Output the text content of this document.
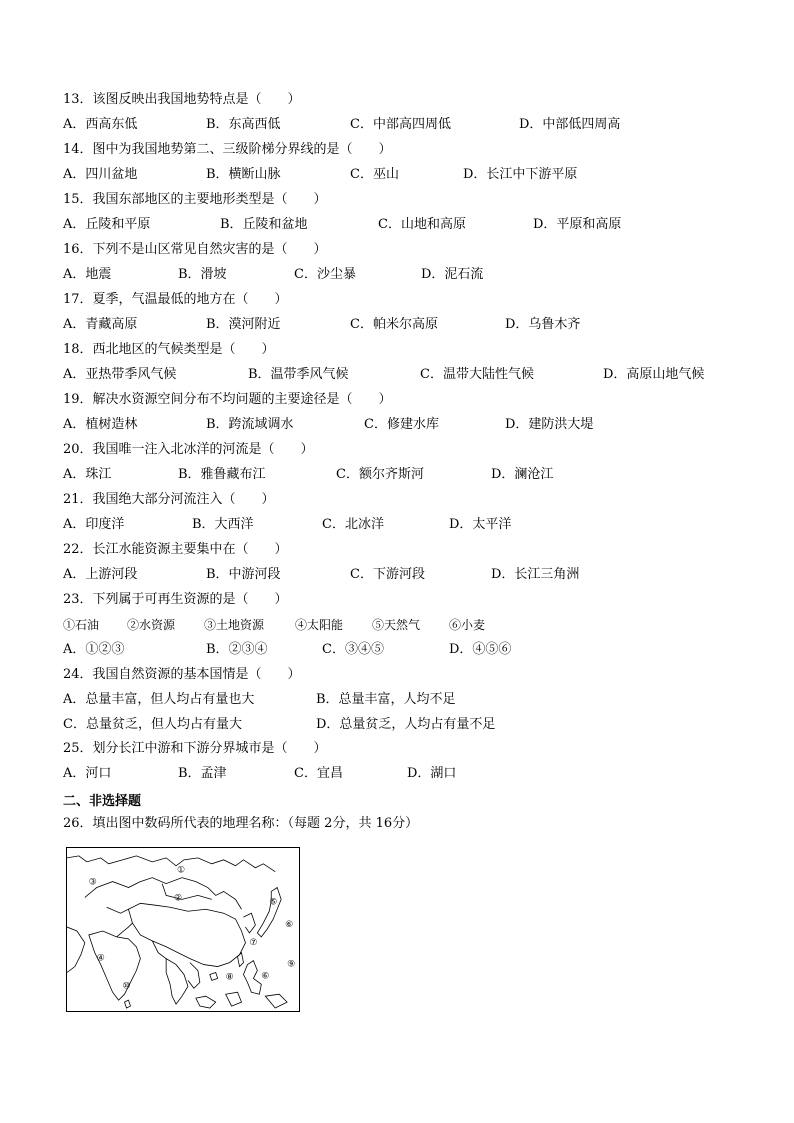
13．该图反映出我国地势特点是（　　）
A．西高东低	B．东高西低	C．中部高四周低	D．中部低四周高
14．图中为我国地势第二、三级阶梯分界线的是（　　）
A．四川盆地	B．横断山脉	C．巫山	D．长江中下游平原
15．我国东部地区的主要地形类型是（　　）
A．丘陵和平原	B．丘陵和盆地	C．山地和高原	D．平原和高原
16．下列不是山区常见自然灾害的是（　　）
A．地震	B．滑坡	C．沙尘暴	D．泥石流
17．夏季，气温最低的地方在（　　）
A．青藏高原	B．漠河附近	C．帕米尔高原	D．乌鲁木齐
18．西北地区的气候类型是（　　）
A．亚热带季风气候	B．温带季风气候	C．温带大陆性气候	D．高原山地气候
19．解决水资源空间分布不均问题的主要途径是（　　）
A．植树造林	B．跨流域调水	C．修建水库	D．建防洪大堤
20．我国唯一注入北冰洋的河流是（　　）
A．珠江	B．雅鲁藏布江	C．额尔齐斯河	D．澜沧江
21．我国绝大部分河流注入（　　）
A．印度洋	B．大西洋	C．北冰洋	D．太平洋
22．长江水能资源主要集中在（　　）
A．上游河段	B．中游河段	C．下游河段	D．长江三角洲
23．下列属于可再生资源的是（　　）
①石油 ②水资源 ③土地资源	④太阳能 ⑤天然气 ⑥小麦
A．①②③	B．②③④	C．③④⑤	D．④⑤⑥
24．我国自然资源的基本国情是（　　）
A．总量丰富，但人均占有量也大	B．总量丰富，人均不足
C．总量贫乏，但人均占有量大	D．总量贫乏，人均占有量不足
25．划分长江中游和下游分界城市是（　　）
A．河口	B．孟津	C．宜昌	D．湖口
二、非选择题
26．填出图中数码所代表的地理名称：（每题 2分，共 16分）
①
②
③
④
⑤
⑥
⑦
⑧
⑨
⑩
⑥
